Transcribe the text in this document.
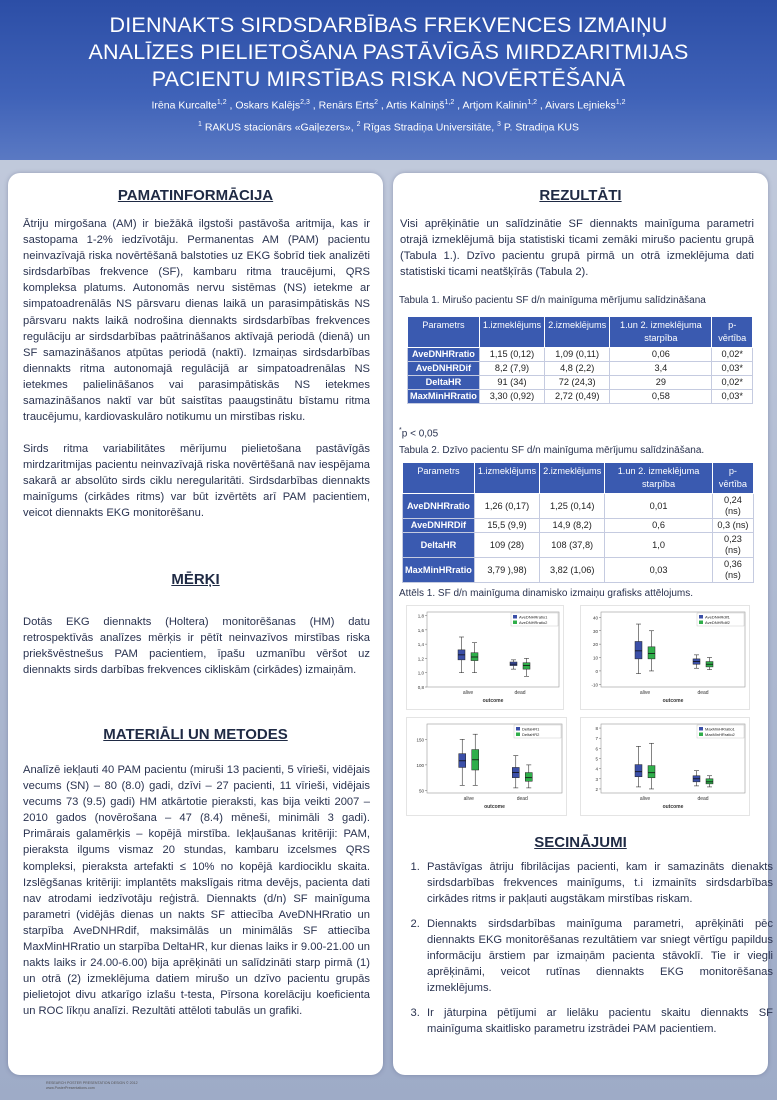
DIENNAKTS SIRDSDARBĪBAS FREKVENCES IZMAIŅU
ANALĪZES PIELIETOŠANA PASTĀVĪGĀS MIRDZARITMIJAS
PACIENTU MIRSTĪBAS RISKA NOVĒRTĒŠANĀ
Irēna Kurcalte$^{1,2}$ , Oskars Kalējs$^{2,3}$ , Renārs Erts$^2$ , Artis Kalniņš$^{1,2}$ , Artjom Kalinin$^{1,2}$ , Aivars Lejnieks$^{1,2}$
$^1$ RAKUS stacionārs «Gaiļezers», $^2$ Rīgas Stradiņa Universitāte, $^3$ P. Stradiņa KUS
PAMATINFORMĀCIJA

Ātriju mirgošana (AM) ir biežākā ilgstoši pastāvoša aritmija, kas ir sastopama 1-2% iedzīvotāju. Permanentas AM (PAM) pacientu neinvazīvajā riska novērtēšanā balstoties uz EKG šobrīd tiek analizēti sirdsdarbības frekvence (SF), kambaru ritma traucējumi, QRS kompleksa platums. Autonomās nervu sistēmas (NS) ietekme ar simpatoadrenālās NS pārsvaru dienas laikā un parasimpātiskās NS pārsvaru nakts laikā nodrošina diennakts sirdsdarbības frekvences regulāciju ar sirdsdarbības paātrināšanos aktīvajā periodā (dienā) un SF samazināšanos atpūtas periodā (naktī). Izmaiņas sirdsdarbības diennakts ritma autonomajā regulācijā ar simpatoadrenālas NS ietekmes palielināšanos vai parasimpātiskās NS ietekmes samazināšanos naktī var būt saistītas paaugstinātu bīstamu ritma traucējumu, kardiovaskulāro notikumu un mirstības risku.

Sirds ritma variabilitātes mērījumu pielietošana pastāvīgās mirdzaritmijas pacientu neinvazīvajā riska novērtēšanā nav iespējama sakarā ar absolūto sirds ciklu neregularitāti. Sirdsdarbības diennakts mainīgums (cirkādes ritms) var būt izvērtēts arī PAM pacientiem, veicot diennakts EKG monitorēšanu.

MĒRĶI

Dotās EKG diennakts (Holtera) monitorēšanas (HM) datu retrospektīvās analīzes mērķis ir pētīt neinvazīvos mirstības riska priekšvēstnešus PAM pacientiem, īpašu uzmanību vēršot uz diennakts sirds darbības frekvences cikliskām (cirkādes) izmaiņām.

MATERIĀLI UN METODES

Analīzē iekļauti 40 PAM pacientu (miruši 13 pacienti, 5 vīrieši, vidējais vecums (SN) – 80 (8.0) gadi, dzīvi – 27 pacienti, 11 vīrieši, vidējais vecums 73 (9.5) gadi) HM atkārtotie pieraksti, kas bija veikti 2007 – 2010 gados (novērošana – 47 (8.4) mēneši, minimāli 3 gadi). Primārais galamērķis – kopējā mirstība. Iekļaušanas kritēriji: PAM, pieraksta ilgums vismaz 20 stundas, kambaru izcelsmes QRS kompleksi, pieraksta artefakti ≤ 10% no kopējā kardiociklu skaita. Izslēgšanas kritēriji: implantēts makslīgais ritma devējs, pacienta dati nav atrodami iedzīvotāju reģistrā. Diennakts (d/n) SF mainīguma parametri (vidējās dienas un nakts SF attiecība AveDNHRratio un starpība AveDNHRdif, maksimālās un minimālās SF attiecība MaxMinHRratio un starpība DeltaHR, kur dienas laiks ir 9.00-21.00 un nakts laiks ir 24.00-6.00) bija aprēķināti un salīdzināti starp pirmā (1) un otrā (2) izmeklējuma datiem mirušo un dzīvo pacientu grupās pielietojot divu atkarīgo izlašu t-testa, Pīrsona korelāciju koeficienta un ROC līkņu analīzi. Rezultāti attēloti tabulās un grafiki.

RESEARCH POSTER PRESENTATION DESIGN © 2012
www.PosterPresentations.com
REZULTĀTI

Visi aprēķinātie un salīdzinātie SF diennakts mainīguma parametri otrajā izmeklējumā bija statistiski ticami zemāki mirušo pacientu grupā (Tabula 1.). Dzīvo pacientu grupā pirmā un otrā izmeklējuma dati statistiski ticami neatšķīrās (Tabula 2).

Tabula 1. Mirušo pacientu SF d/n mainīguma mērījumu salīdzināšana
Parametrs	1.izmeklējums	2.izmeklējums	1.un 2. izmeklējuma starpība	p-vērtība
AveDNHRratio	1,15 (0,12)	1,09 (0,11)	0,06	0,02*
AveDNHRDif	8,2 (7,9)	4,8 (2,2)	3,4	0,03*
DeltaHR	91 (34)	72 (24,3)	29	0,02*
MaxMinHRratio	3,30 (0,92)	2,72 (0,49)	0,58	0,03*
*p < 0,05
Tabula 2. Dzīvo pacientu SF d/n mainīguma mērījumu salīdzināšana.
Parametrs	1.izmeklējums	2.izmeklējums	1.un 2. izmeklējuma starpība	p-vērtība
AveDNHRratio	1,26 (0,17)	1,25 (0,14)	0,01	0,24 (ns)
AveDNHRDif	15,5 (9,9)	14,9 (8,2)	0,6	0,3 (ns)
DeltaHR	109 (28)	108 (37,8)	1,0	0,23 (ns)
MaxMinHRratio	3,79 ),98)	3,82 (1,06)	0,03	0,36 (ns)
Attēls 1. SF d/n mainīguma dinamisko izmaiņu grafisks attēlojums.
0,8
1,0
1,2
1,4
1,6
1,8
alive	dead
outcome
AveDNHRratio1
AveDNHRratio2
-10
0
10
20
30
40
alive	dead
outcome
AveDNHRdif1
AveDNHRdif2
50
100
150
alive	dead
outcome
DeltaHR1
DeltaHR2
2
3
4
5
6
7
8
alive	dead
outcome
MaxMinHRratio1
MaxMinHRratio2
SECINĀJUMI
1. Pastāvīgas ātriju fibrilācijas pacienti, kam ir samazināts dienakts sirdsdarbības frekvences mainīgums, t.i izmainīts sirdsdarbības cirkādes ritms ir pakļauti augstākam mirstības riskam.
2. Diennakts sirdsdarbības mainīguma parametri, aprēķināti pēc diennakts EKG monitorēšanas rezultātiem var sniegt vērtīgu papildus informāciju ārstiem par izmaiņām pacienta stāvoklī. Tie ir viegli aprēķināmi, veicot rutīnas diennakts EKG monitorēšanas izmeklējums.
3. Ir jāturpina pētījumi ar lielāku pacientu skaitu diennakts SF mainīguma skaitlisko parametru izstrādei PAM pacientiem.
